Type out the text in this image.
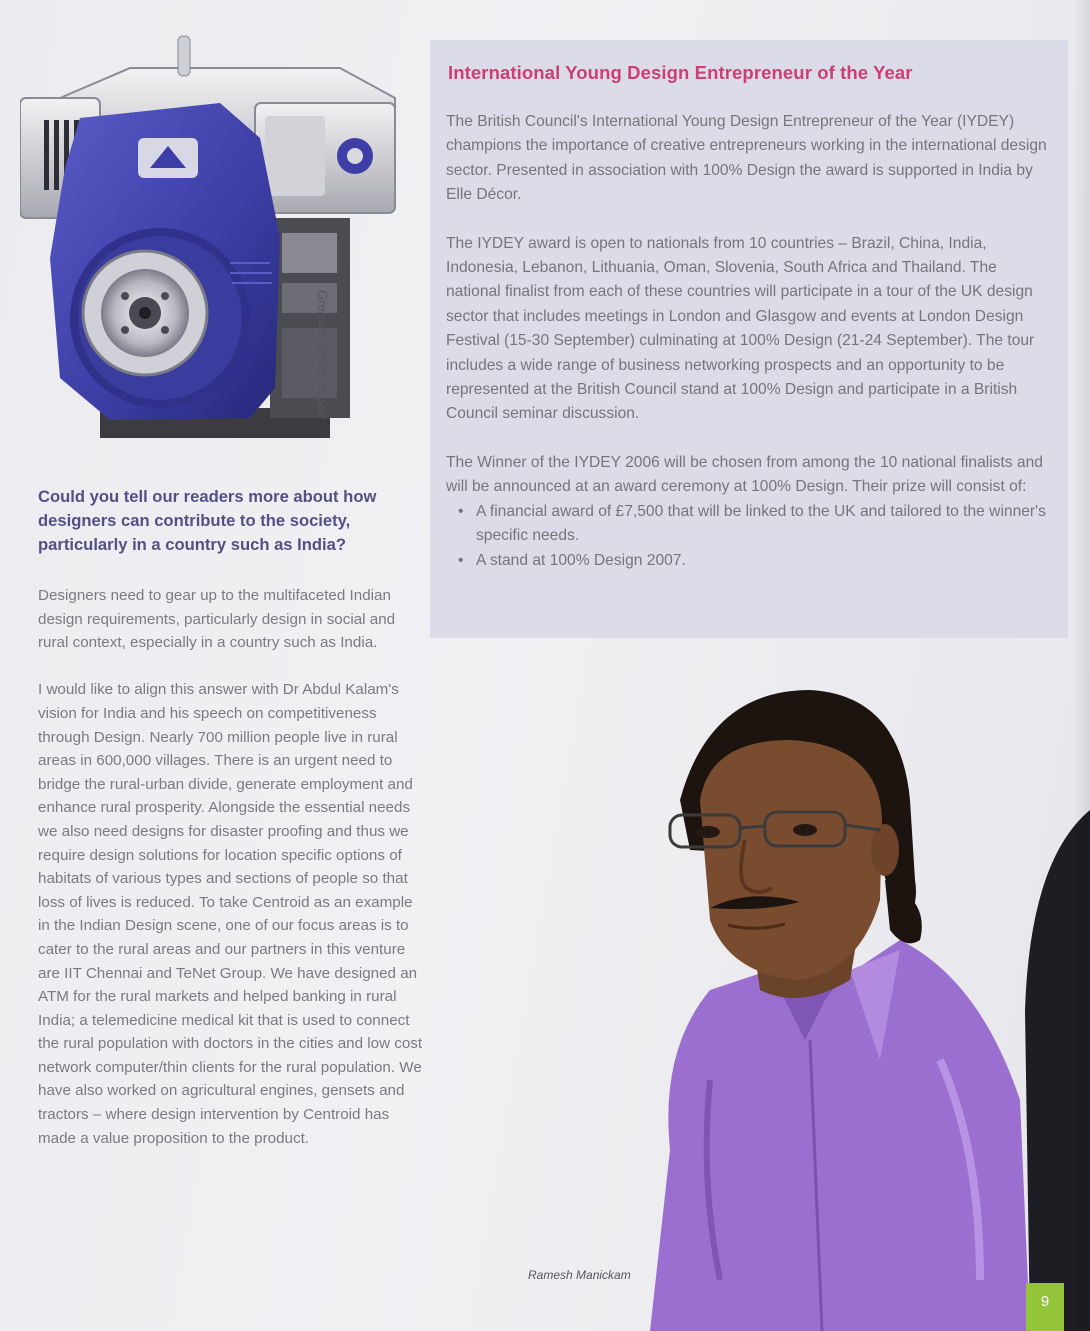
Greaves diesel engine
International Young Design Entrepreneur of the Year

The British Council's International Young Design Entrepreneur of the Year (IYDEY) champions the importance of creative entrepreneurs working in the international design sector. Presented in association with 100% Design the award is supported in India by Elle Décor.

The IYDEY award is open to nationals from 10 countries – Brazil, China, India, Indonesia, Lebanon, Lithuania, Oman, Slovenia, South Africa and Thailand. The national finalist from each of these countries will participate in a tour of the UK design sector that includes meetings in London and Glasgow and events at London Design Festival (15-30 September) culminating at 100% Design (21-24 September). The tour includes a wide range of business networking prospects and an opportunity to be represented at the British Council stand at 100% Design and participate in a British Council seminar discussion.

The Winner of the IYDEY 2006 will be chosen from among the 10 national finalists and will be announced at an award ceremony at 100% Design. Their prize will consist of:

• A financial award of £7,500 that will be linked to the UK and tailored to the winner's specific needs.
• A stand at 100% Design 2007.
Could you tell our readers more about how designers can contribute to the society, particularly in a country such as India?

Designers need to gear up to the multifaceted Indian design requirements, particularly design in social and rural context, especially in a country such as India.

I would like to align this answer with Dr Abdul Kalam's vision for India and his speech on competitiveness through Design. Nearly 700 million people live in rural areas in 600,000 villages. There is an urgent need to bridge the rural-urban divide, generate employment and enhance rural prosperity. Alongside the essential needs we also need designs for disaster proofing and thus we require design solutions for location specific options of habitats of various types and sections of people so that loss of lives is reduced. To take Centroid as an example in the Indian Design scene, one of our focus areas is to cater to the rural areas and our partners in this venture are IIT Chennai and TeNet Group. We have designed an ATM for the rural markets and helped banking in rural India; a telemedicine medical kit that is used to connect the rural population with doctors in the cities and low cost network computer/thin clients for the rural population. We have also worked on agricultural engines, gensets and tractors – where design intervention by Centroid has made a value proposition to the product.

Ramesh Manickam
9
